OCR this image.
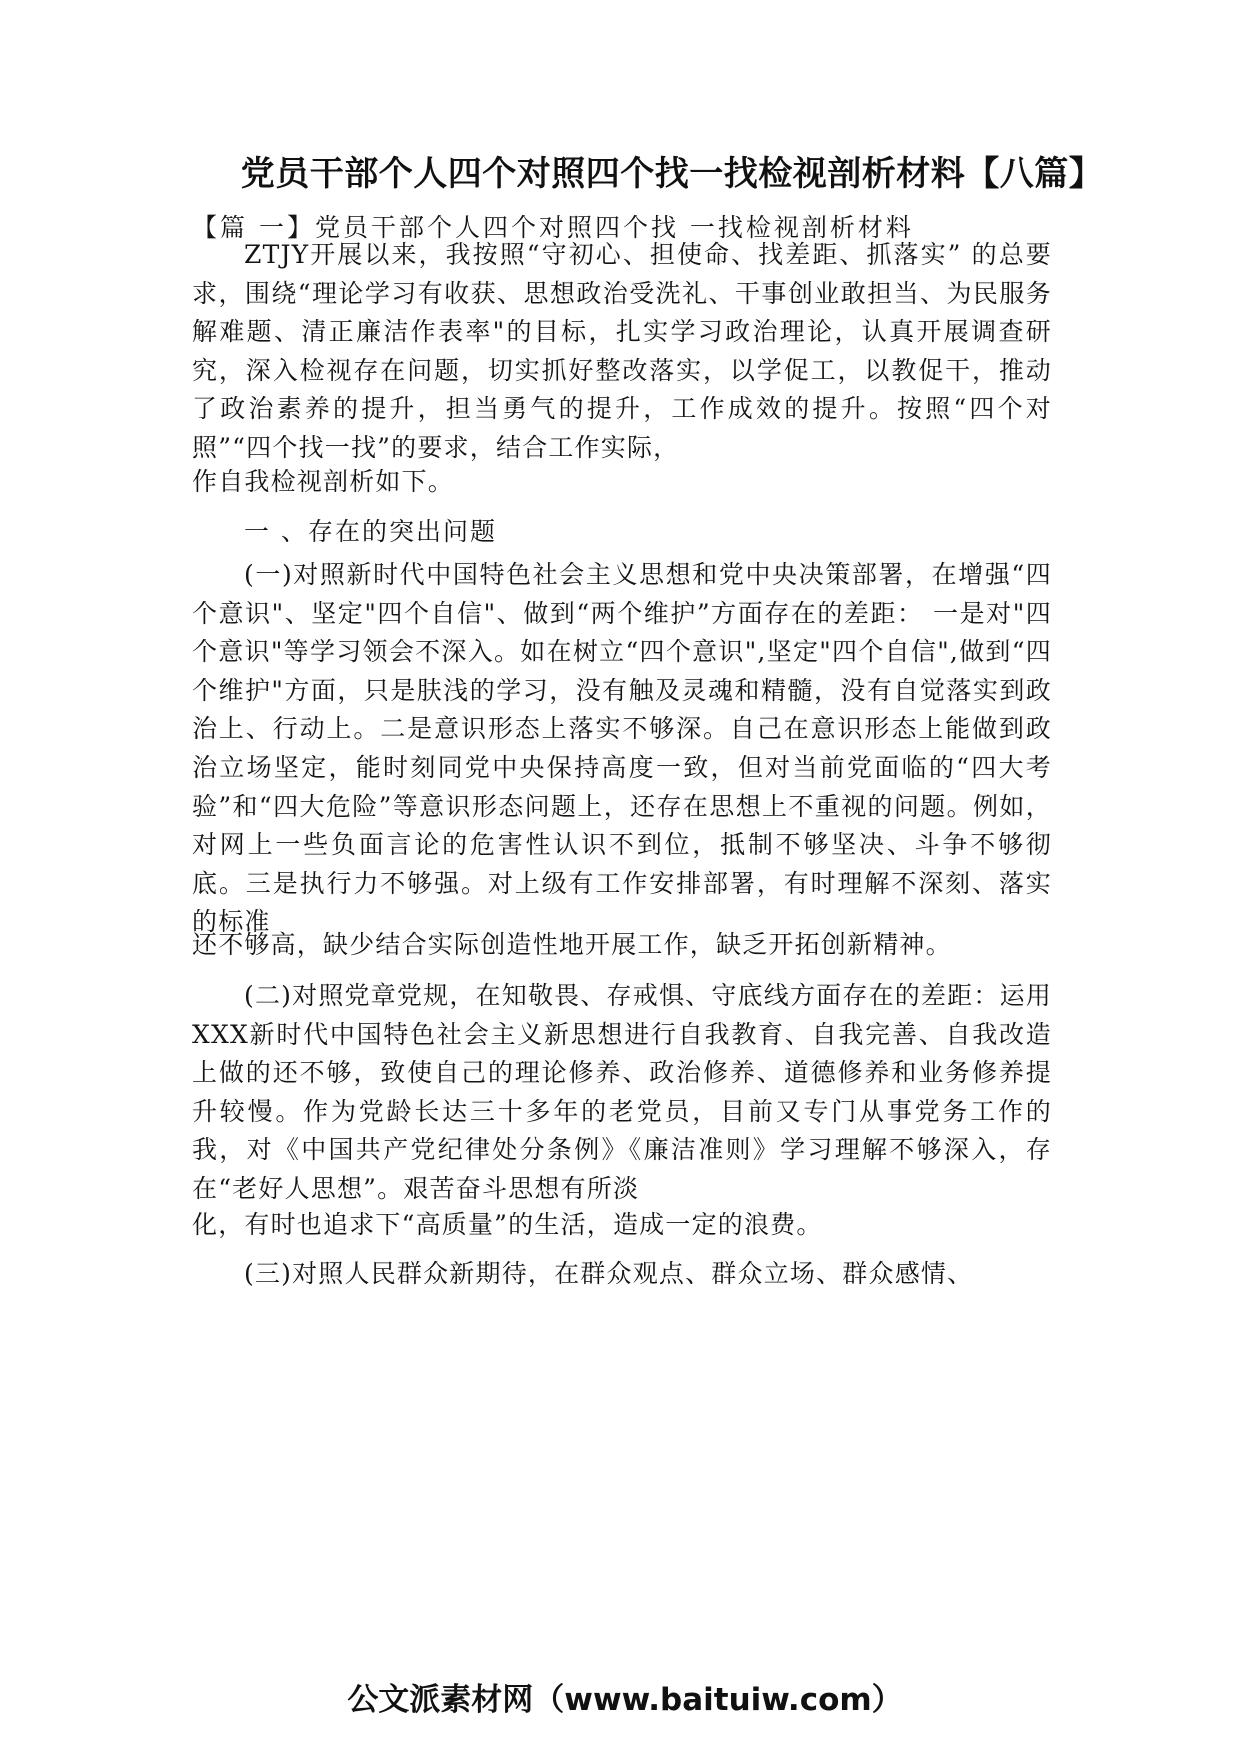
党员干部个人四个对照四个找一找检视剖析材料【八篇】
【篇 一】党员干部个人四个对照四个找 一找检视剖析材料

ZTJY开展以来，我按照“守初心、担使命、找差距、抓落实” 的总要求，围绕“理论学习有收获、思想政治受洗礼、干事创业敢担当、为民服务解难题、清正廉洁作表率"的目标，扎实学习政治理论，认真开展调查研究，深入检视存在问题，切实抓好整改落实，以学促工，以教促干，推动了政治素养的提升，担当勇气的提升，工作成效的提升。按照“四个对照”“四个找一找”的要求，结合工作实际，

作自我检视剖析如下。

一 、存在的突出问题

(一)对照新时代中国特色社会主义思想和党中央决策部署，在增强“四个意识"、坚定"四个自信"、做到“两个维护”方面存在的差距： 一是对"四个意识"等学习领会不深入。如在树立“四个意识",坚定"四个自信",做到“四个维护"方面，只是肤浅的学习，没有触及灵魂和精髓，没有自觉落实到政治上、行动上。二是意识形态上落实不够深。自己在意识形态上能做到政治立场坚定，能时刻同党中央保持高度一致，但对当前党面临的“四大考验”和“四大危险”等意识形态问题上，还存在思想上不重视的问题。例如，对网上一些负面言论的危害性认识不到位，抵制不够坚决、斗争不够彻底。三是执行力不够强。对上级有工作安排部署，有时理解不深刻、落实的标准

还不够高，缺少结合实际创造性地开展工作，缺乏开拓创新精神。

(二)对照党章党规，在知敬畏、存戒惧、守底线方面存在的差距：运用XXX新时代中国特色社会主义新思想进行自我教育、自我完善、自我改造上做的还不够，致使自己的理论修养、政治修养、道德修养和业务修养提升较慢。作为党龄长达三十多年的老党员，目前又专门从事党务工作的我，对《中国共产党纪律处分条例》《廉洁准则》学习理解不够深入，存在“老好人思想”。艰苦奋斗思想有所淡

化，有时也追求下“高质量”的生活，造成一定的浪费。

(三)对照人民群众新期待，在群众观点、群众立场、群众感情、

公文派素材网（www.baituiw.com）
